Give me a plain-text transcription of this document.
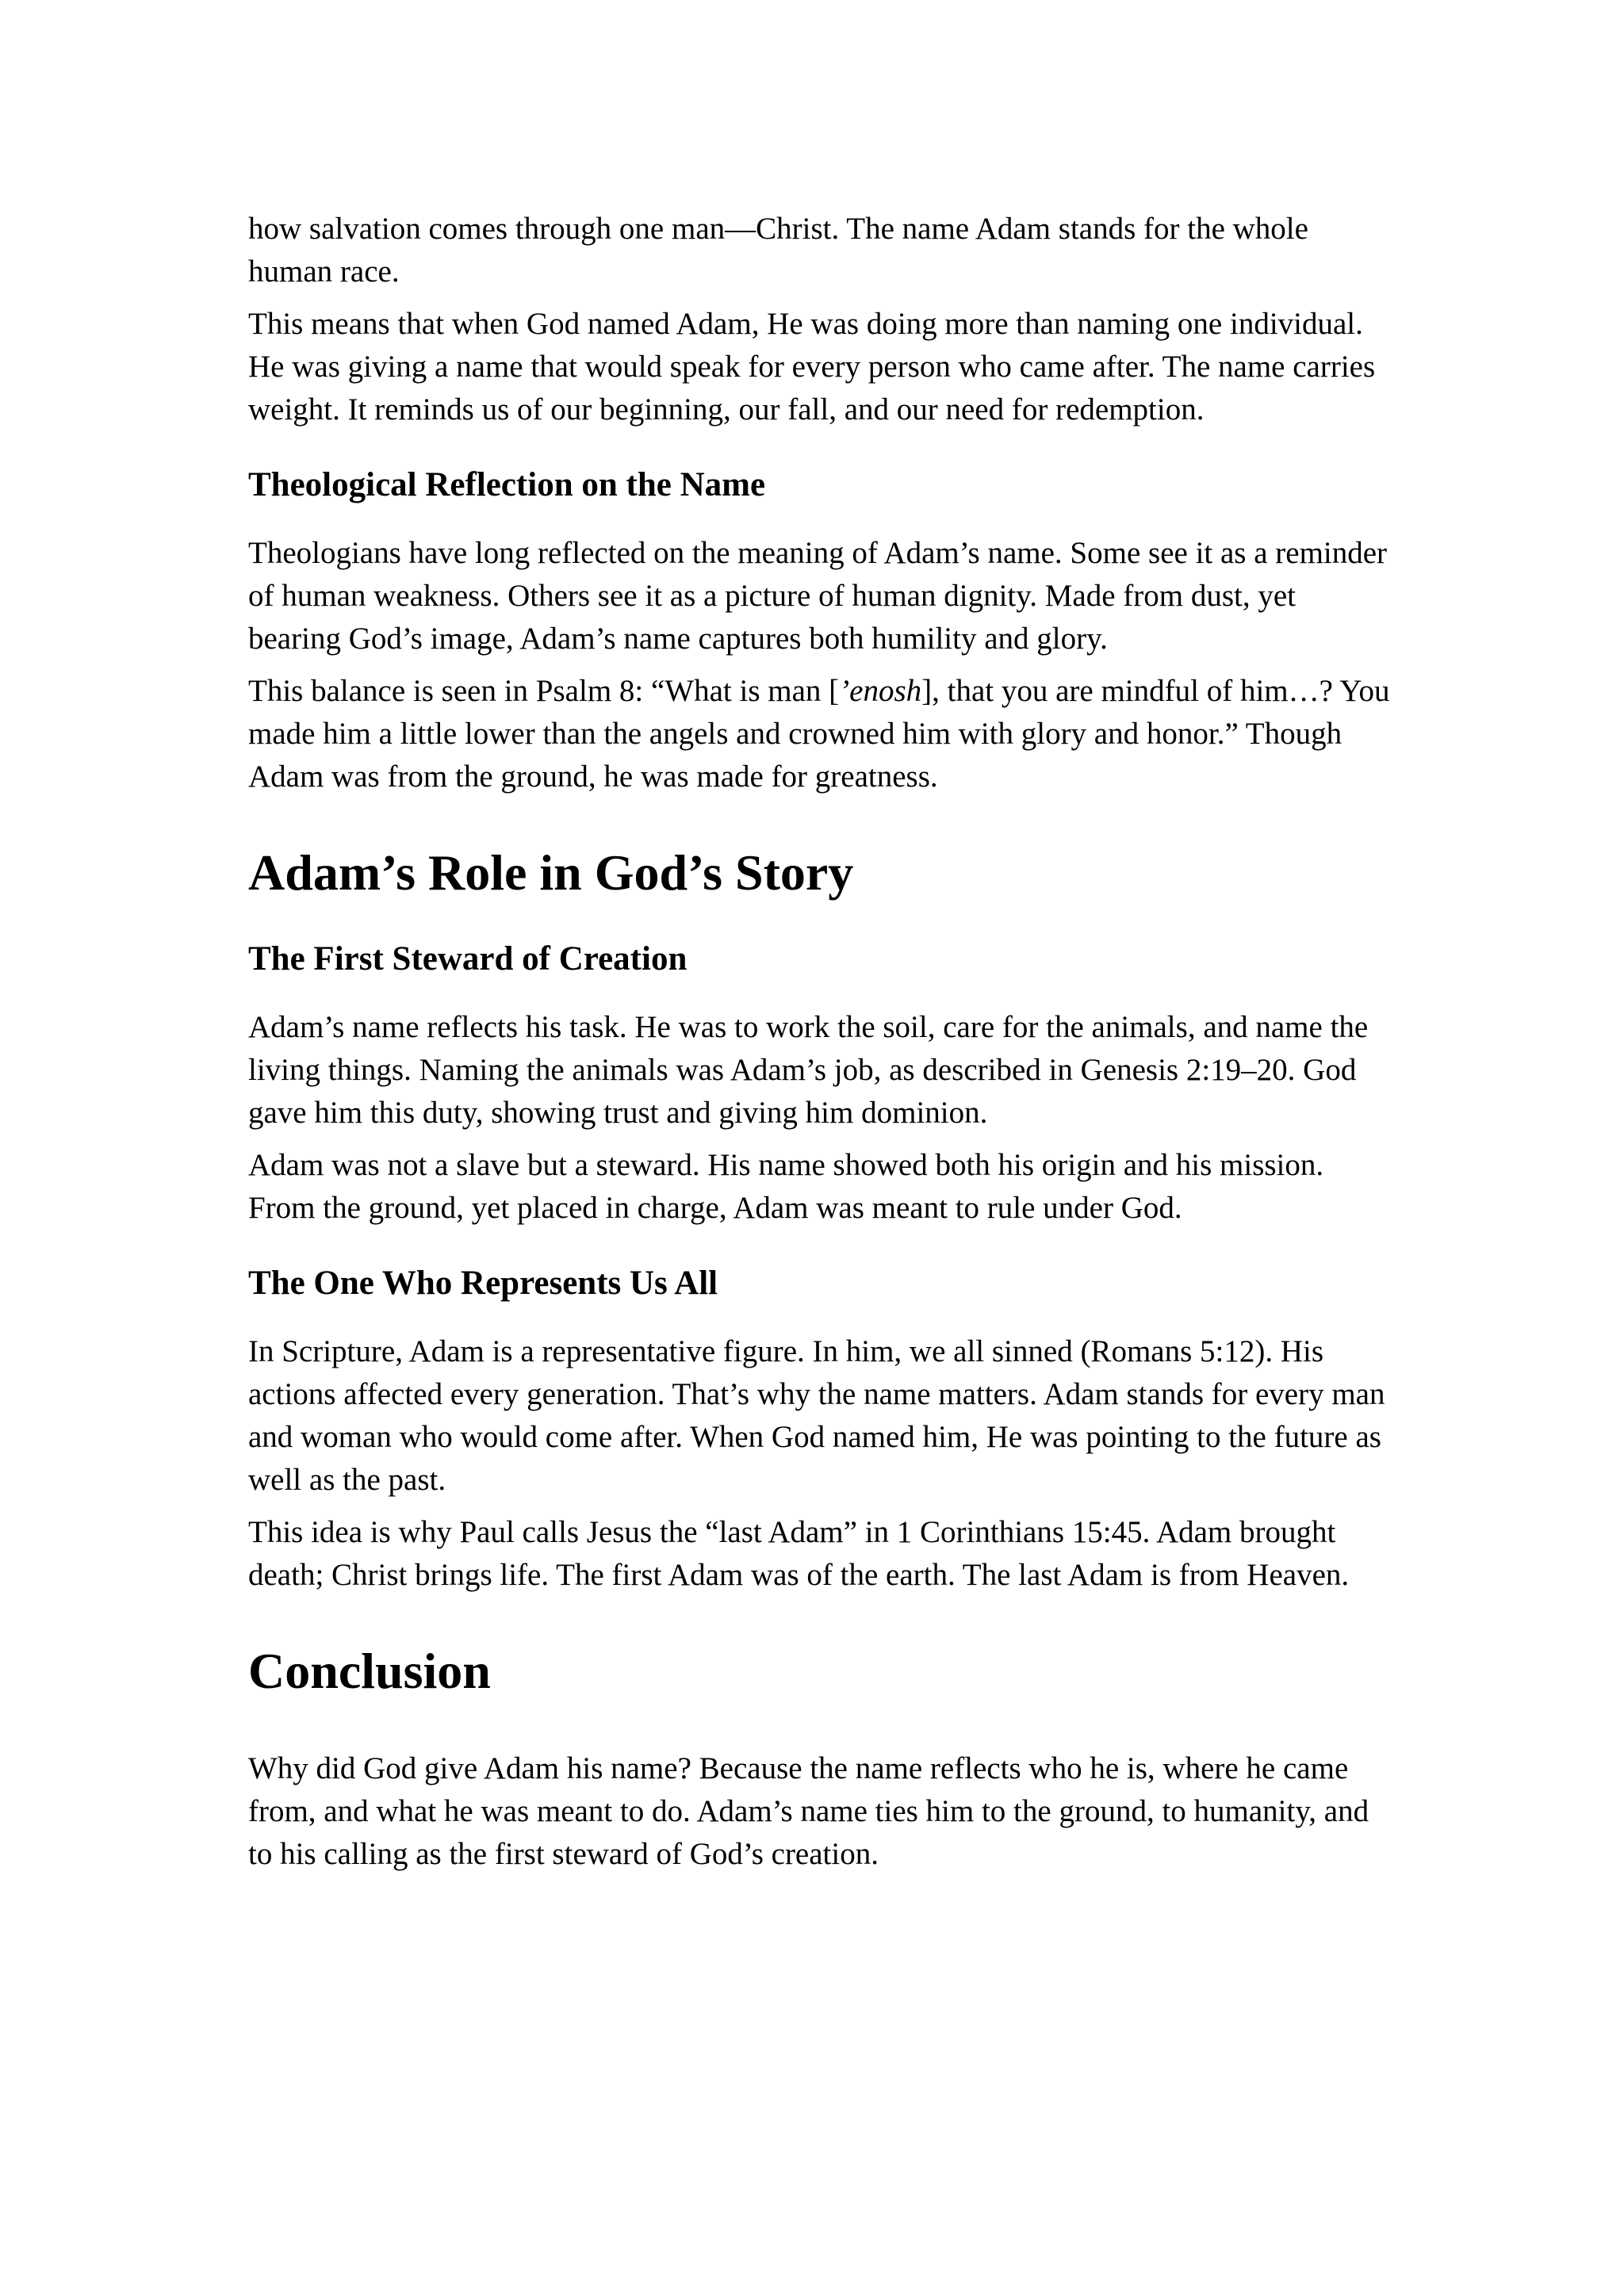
how salvation comes through one man—Christ. The name Adam stands for the whole human race.

This means that when God named Adam, He was doing more than naming one individual. He was giving a name that would speak for every person who came after. The name carries weight. It reminds us of our beginning, our fall, and our need for redemption.

Theological Reflection on the Name

Theologians have long reflected on the meaning of Adam’s name. Some see it as a reminder of human weakness. Others see it as a picture of human dignity. Made from dust, yet bearing God’s image, Adam’s name captures both humility and glory.

This balance is seen in Psalm 8: “What is man [’enosh], that you are mindful of him…? You made him a little lower than the angels and crowned him with glory and honor.” Though Adam was from the ground, he was made for greatness.

Adam’s Role in God’s Story
The First Steward of Creation

Adam’s name reflects his task. He was to work the soil, care for the animals, and name the living things. Naming the animals was Adam’s job, as described in Genesis 2:19–20. God gave him this duty, showing trust and giving him dominion.

Adam was not a slave but a steward. His name showed both his origin and his mission. From the ground, yet placed in charge, Adam was meant to rule under God.

The One Who Represents Us All

In Scripture, Adam is a representative figure. In him, we all sinned (Romans 5:12). His actions affected every generation. That’s why the name matters. Adam stands for every man and woman who would come after. When God named him, He was pointing to the future as well as the past.

This idea is why Paul calls Jesus the “last Adam” in 1 Corinthians 15:45. Adam brought death; Christ brings life. The first Adam was of the earth. The last Adam is from Heaven.

Conclusion

Why did God give Adam his name? Because the name reflects who he is, where he came from, and what he was meant to do. Adam’s name ties him to the ground, to humanity, and to his calling as the first steward of God’s creation.
